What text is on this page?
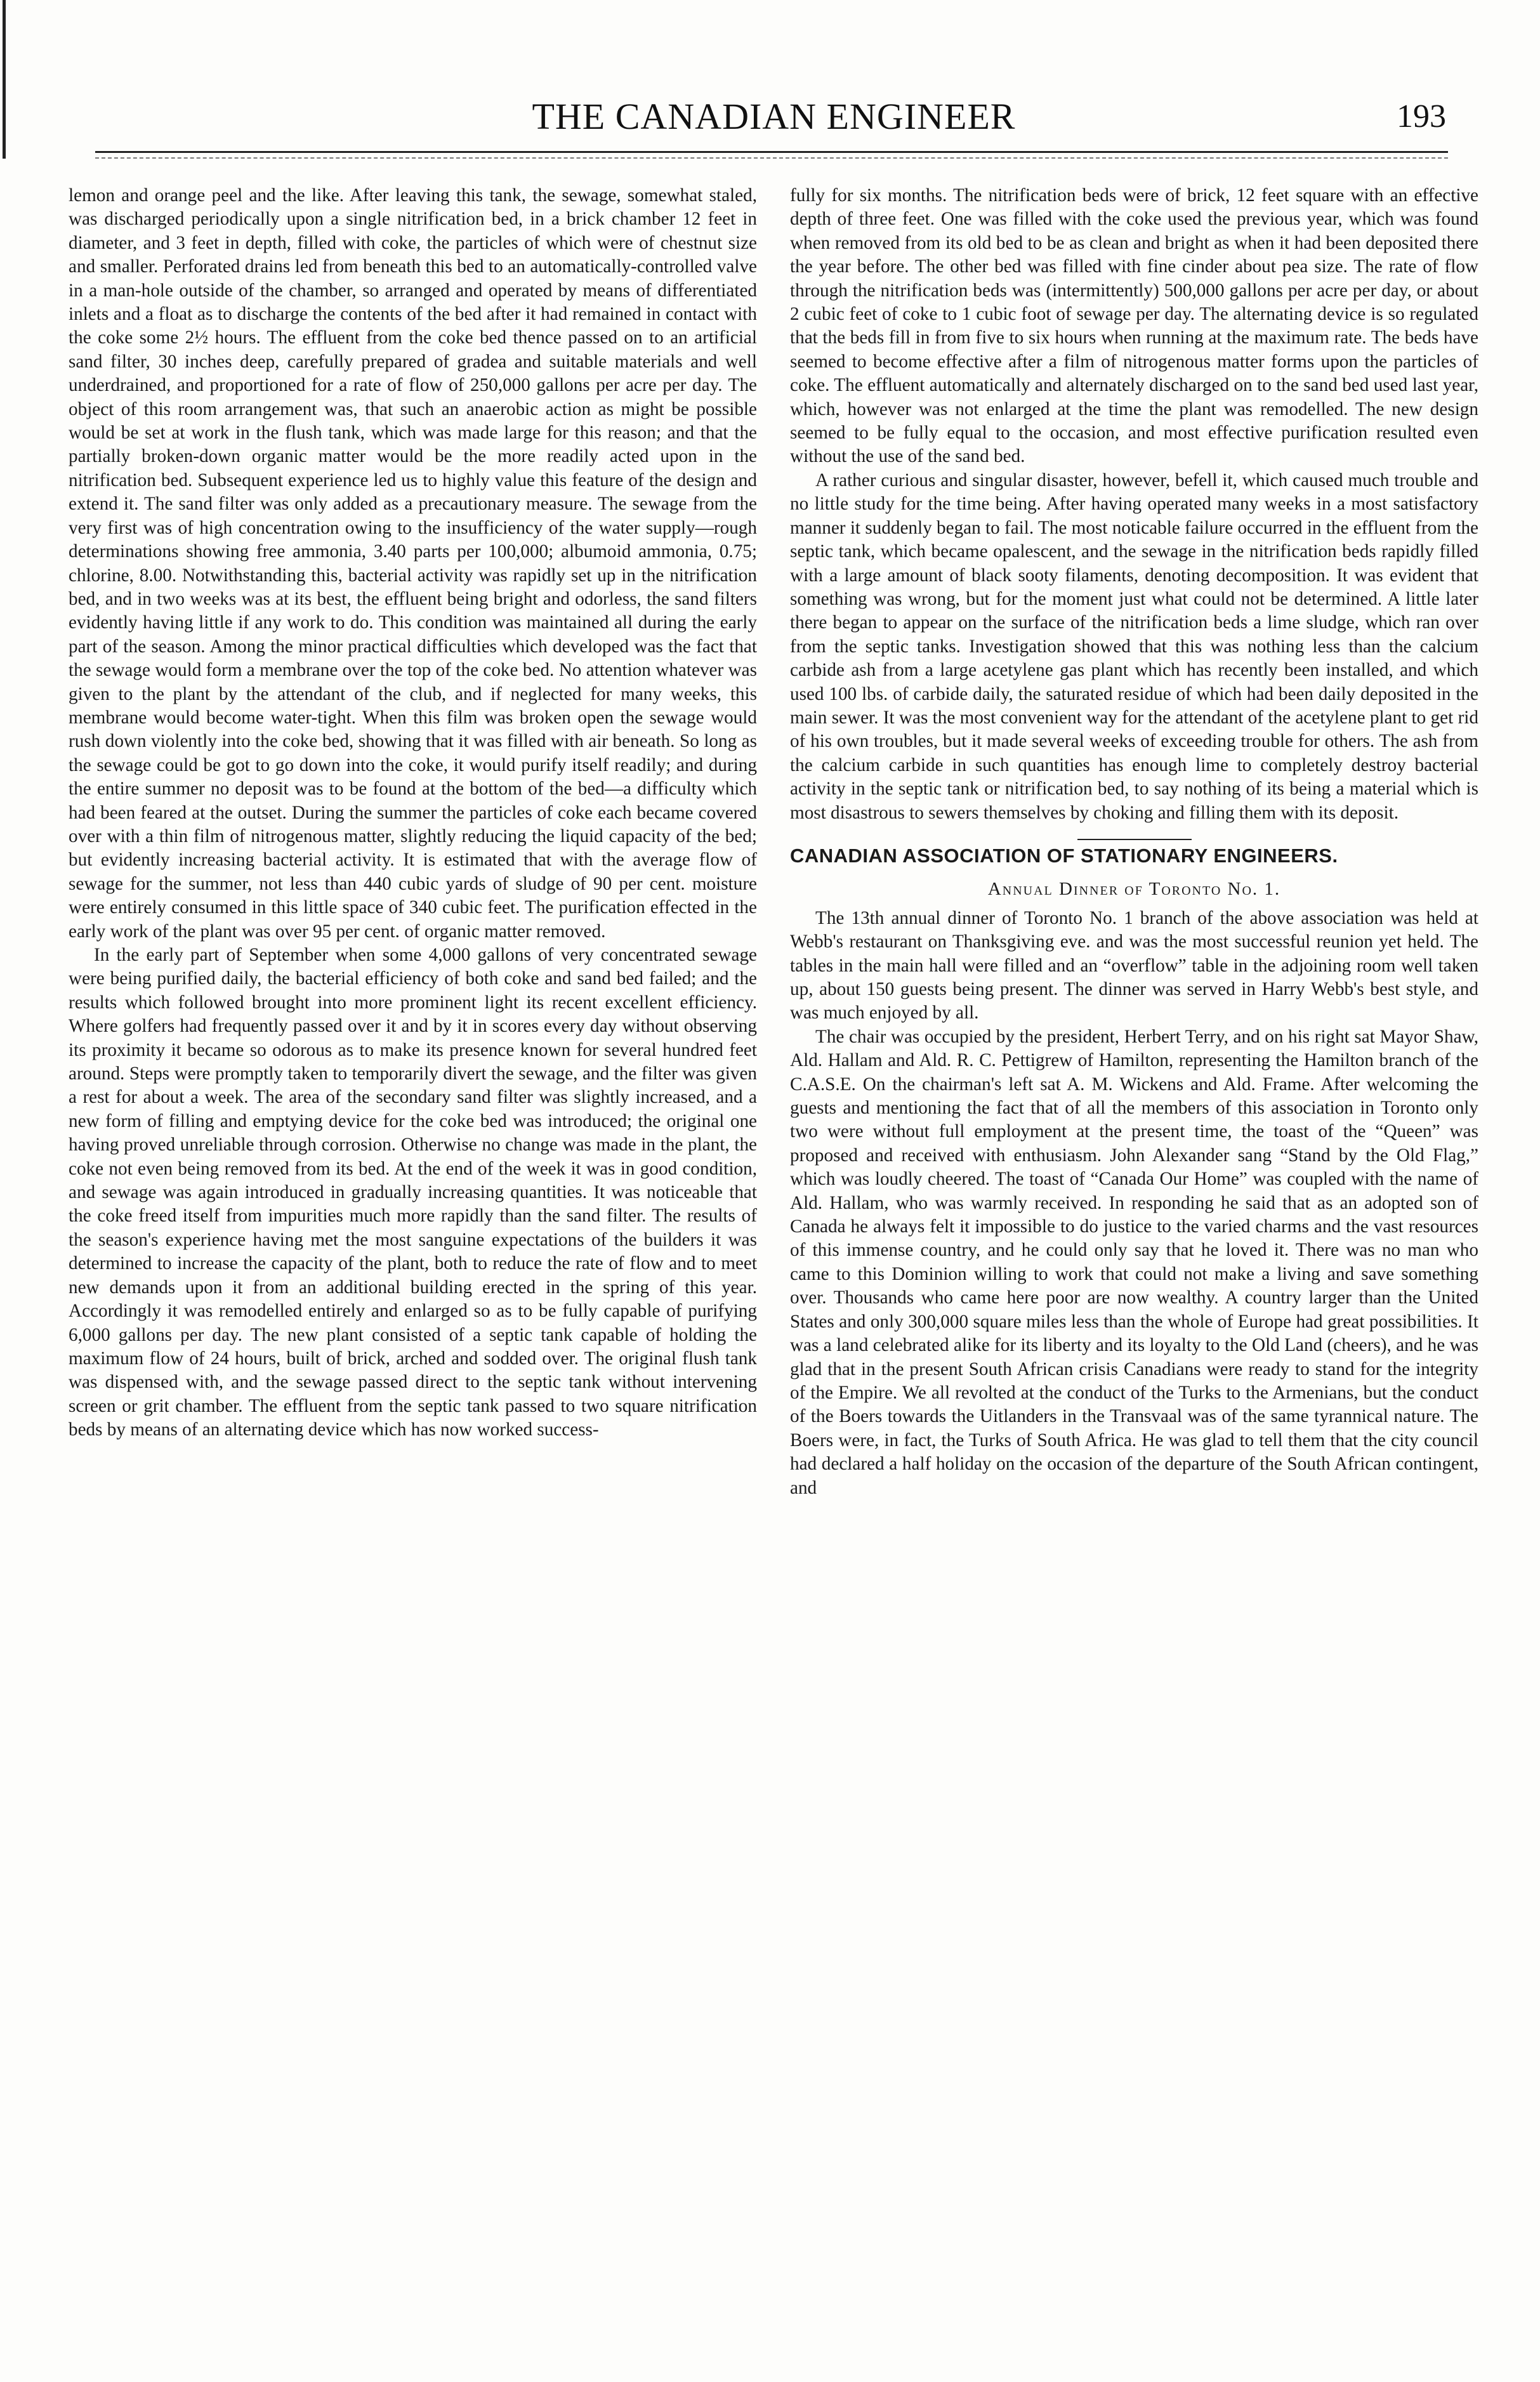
THE CANADIAN ENGINEER	193

lemon and orange peel and the like. After leaving this tank, the sewage, somewhat staled, was discharged periodically upon a single nitrification bed, in a brick chamber 12 feet in diameter, and 3 feet in depth, filled with coke, the particles of which were of chestnut size and smaller. Perforated drains led from beneath this bed to an automatically-controlled valve in a man-hole outside of the chamber, so arranged and operated by means of differentiated inlets and a float as to discharge the contents of the bed after it had remained in contact with the coke some 2½ hours. The effluent from the coke bed thence passed on to an artificial sand filter, 30 inches deep, carefully prepared of gradea and suitable materials and well underdrained, and proportioned for a rate of flow of 250,000 gallons per acre per day. The object of this room arrangement was, that such an anaerobic action as might be possible would be set at work in the flush tank, which was made large for this reason; and that the partially broken-down organic matter would be the more readily acted upon in the nitrification bed. Subsequent experience led us to highly value this feature of the design and extend it. The sand filter was only added as a precautionary measure. The sewage from the very first was of high concentration owing to the insufficiency of the water supply—rough determinations showing free ammonia, 3.40 parts per 100,000; albumoid ammonia, 0.75; chlorine, 8.00. Notwithstanding this, bacterial activity was rapidly set up in the nitrification bed, and in two weeks was at its best, the effluent being bright and odorless, the sand filters evidently having little if any work to do. This condition was maintained all during the early part of the season. Among the minor practical difficulties which developed was the fact that the sewage would form a membrane over the top of the coke bed. No attention whatever was given to the plant by the attendant of the club, and if neglected for many weeks, this membrane would become water-tight. When this film was broken open the sewage would rush down violently into the coke bed, showing that it was filled with air beneath. So long as the sewage could be got to go down into the coke, it would purify itself readily; and during the entire summer no deposit was to be found at the bottom of the bed—a difficulty which had been feared at the outset. During the summer the particles of coke each became covered over with a thin film of nitrogenous matter, slightly reducing the liquid capacity of the bed; but evidently increasing bacterial activity. It is estimated that with the average flow of sewage for the summer, not less than 440 cubic yards of sludge of 90 per cent. moisture were entirely consumed in this little space of 340 cubic feet. The purification effected in the early work of the plant was over 95 per cent. of organic matter removed.

In the early part of September when some 4,000 gallons of very concentrated sewage were being purified daily, the bacterial efficiency of both coke and sand bed failed; and the results which followed brought into more prominent light its recent excellent efficiency. Where golfers had frequently passed over it and by it in scores every day without observing its proximity it became so odorous as to make its presence known for several hundred feet around. Steps were promptly taken to temporarily divert the sewage, and the filter was given a rest for about a week. The area of the secondary sand filter was slightly increased, and a new form of filling and emptying device for the coke bed was introduced; the original one having proved unreliable through corrosion. Otherwise no change was made in the plant, the coke not even being removed from its bed. At the end of the week it was in good condition, and sewage was again introduced in gradually increasing quantities. It was noticeable that the coke freed itself from impurities much more rapidly than the sand filter. The results of the season's experience having met the most sanguine expectations of the builders it was determined to increase the capacity of the plant, both to reduce the rate of flow and to meet new demands upon it from an additional building erected in the spring of this year. Accordingly it was remodelled entirely and enlarged so as to be fully capable of purifying 6,000 gallons per day. The new plant consisted of a septic tank capable of holding the maximum flow of 24 hours, built of brick, arched and sodded over. The original flush tank was dispensed with, and the sewage passed direct to the septic tank without intervening screen or grit chamber. The effluent from the septic tank passed to two square nitrification beds by means of an alternating device which has now worked success-

fully for six months. The nitrification beds were of brick, 12 feet square with an effective depth of three feet. One was filled with the coke used the previous year, which was found when removed from its old bed to be as clean and bright as when it had been deposited there the year before. The other bed was filled with fine cinder about pea size. The rate of flow through the nitrification beds was (intermittently) 500,000 gallons per acre per day, or about 2 cubic feet of coke to 1 cubic foot of sewage per day. The alternating device is so regulated that the beds fill in from five to six hours when running at the maximum rate. The beds have seemed to become effective after a film of nitrogenous matter forms upon the particles of coke. The effluent automatically and alternately discharged on to the sand bed used last year, which, however was not enlarged at the time the plant was remodelled. The new design seemed to be fully equal to the occasion, and most effective purification resulted even without the use of the sand bed.

A rather curious and singular disaster, however, befell it, which caused much trouble and no little study for the time being. After having operated many weeks in a most satisfactory manner it suddenly began to fail. The most noticable failure occurred in the effluent from the septic tank, which became opalescent, and the sewage in the nitrification beds rapidly filled with a large amount of black sooty filaments, denoting decomposition. It was evident that something was wrong, but for the moment just what could not be determined. A little later there began to appear on the surface of the nitrification beds a lime sludge, which ran over from the septic tanks. Investigation showed that this was nothing less than the calcium carbide ash from a large acetylene gas plant which has recently been installed, and which used 100 lbs. of carbide daily, the saturated residue of which had been daily deposited in the main sewer. It was the most convenient way for the attendant of the acetylene plant to get rid of his own troubles, but it made several weeks of exceeding trouble for others. The ash from the calcium carbide in such quantities has enough lime to completely destroy bacterial activity in the septic tank or nitrification bed, to say nothing of its being a material which is most disastrous to sewers themselves by choking and filling them with its deposit.

CANADIAN ASSOCIATION OF STATIONARY ENGINEERS.
Annual Dinner of Toronto No. 1.

The 13th annual dinner of Toronto No. 1 branch of the above association was held at Webb's restaurant on Thanksgiving eve. and was the most successful reunion yet held. The tables in the main hall were filled and an “overflow” table in the adjoining room well taken up, about 150 guests being present. The dinner was served in Harry Webb's best style, and was much enjoyed by all.

The chair was occupied by the president, Herbert Terry, and on his right sat Mayor Shaw, Ald. Hallam and Ald. R. C. Pettigrew of Hamilton, representing the Hamilton branch of the C.A.S.E. On the chairman's left sat A. M. Wickens and Ald. Frame. After welcoming the guests and mentioning the fact that of all the members of this association in Toronto only two were without full employment at the present time, the toast of the “Queen” was proposed and received with enthusiasm. John Alexander sang “Stand by the Old Flag,” which was loudly cheered. The toast of “Canada Our Home” was coupled with the name of Ald. Hallam, who was warmly received. In responding he said that as an adopted son of Canada he always felt it impossible to do justice to the varied charms and the vast resources of this immense country, and he could only say that he loved it. There was no man who came to this Dominion willing to work that could not make a living and save something over. Thousands who came here poor are now wealthy. A country larger than the United States and only 300,000 square miles less than the whole of Europe had great possibilities. It was a land celebrated alike for its liberty and its loyalty to the Old Land (cheers), and he was glad that in the present South African crisis Canadians were ready to stand for the integrity of the Empire. We all revolted at the conduct of the Turks to the Armenians, but the conduct of the Boers towards the Uitlanders in the Transvaal was of the same tyrannical nature. The Boers were, in fact, the Turks of South Africa. He was glad to tell them that the city council had declared a half holiday on the occasion of the departure of the South African contingent, and
